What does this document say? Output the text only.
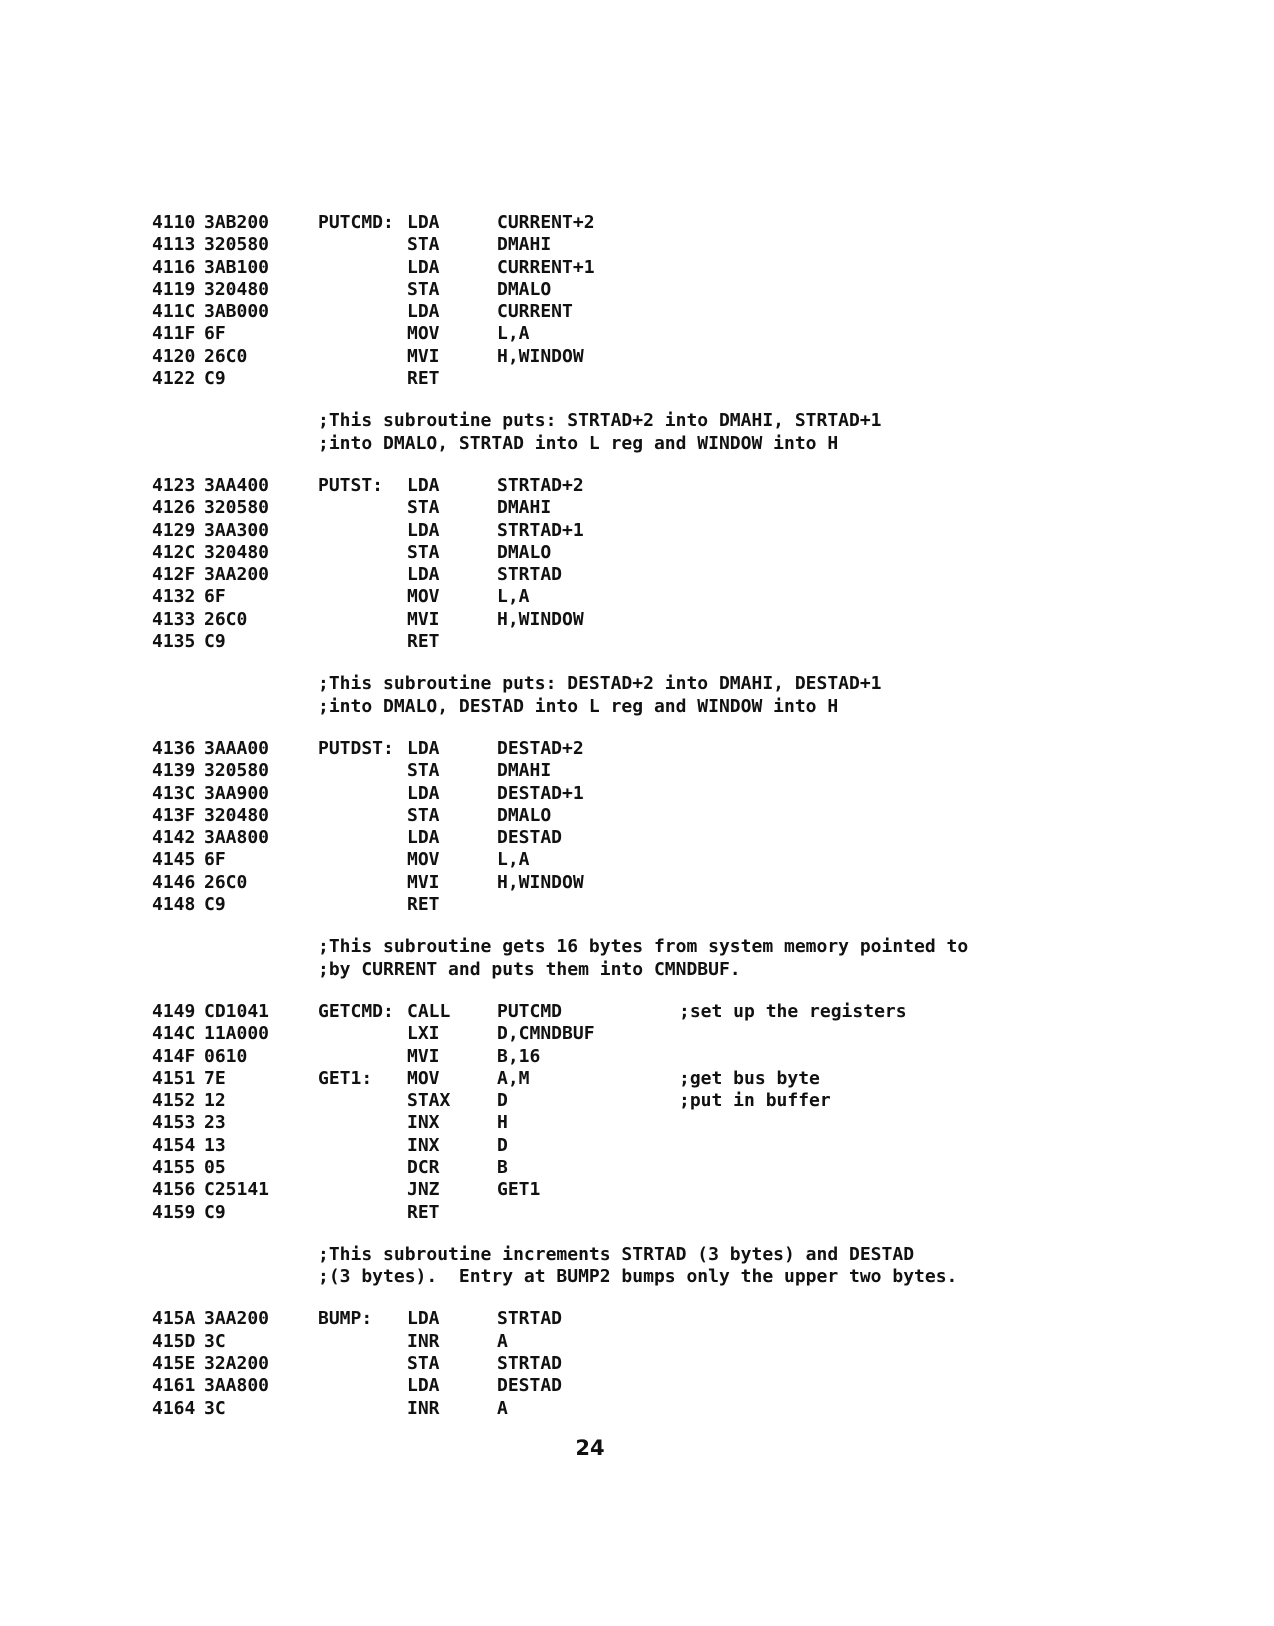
4110 3AB200	PUTCMD: LDA	CURRENT+2
4113 320580	STA	DMAHI
4116 3AB100	LDA	CURRENT+1
4119 320480	STA	DMALO
411C 3AB000	LDA	CURRENT
411F 6F	MOV	L,A
4120 26C0	MVI	H,WINDOW
4122 C9	RET
;This subroutine puts: STRTAD+2 into DMAHI, STRTAD+1
;into DMALO, STRTAD into L reg and WINDOW into H
4123 3AA400	PUTST: LDA	STRTAD+2
4126 320580	STA	DMAHI
4129 3AA300	LDA	STRTAD+1
412C 320480	STA	DMALO
412F 3AA200	LDA	STRTAD
4132 6F	MOV	L,A
4133 26C0	MVI	H,WINDOW
4135 C9	RET
;This subroutine puts: DESTAD+2 into DMAHI, DESTAD+1
;into DMALO, DESTAD into L reg and WINDOW into H
4136 3AAA00	PUTDST: LDA	DESTAD+2
4139 320580	STA	DMAHI
413C 3AA900	LDA	DESTAD+1
413F 320480	STA	DMALO
4142 3AA800	LDA	DESTAD
4145 6F	MOV	L,A
4146 26C0	MVI	H,WINDOW
4148 C9	RET
;This subroutine gets 16 bytes from system memory pointed to
;by CURRENT and puts them into CMNDBUF.
4149 CD1041	GETCMD: CALL	PUTCMD	;set up the registers
414C 11A000	LXI	D,CMNDBUF
414F 0610	MVI	B,16
4151 7E	GET1: MOV	A,M	;get bus byte
4152 12	STAX	D	;put in buffer
4153 23	INX	H
4154 13	INX	D
4155 05	DCR	B
4156 C25141	JNZ	GET1
4159 C9	RET
;This subroutine increments STRTAD (3 bytes) and DESTAD
;(3 bytes).  Entry at BUMP2 bumps only the upper two bytes.
415A 3AA200	BUMP: LDA	STRTAD
415D 3C	INR	A
415E 32A200	STA	STRTAD
4161 3AA800	LDA	DESTAD
4164 3C	INR	A
24
